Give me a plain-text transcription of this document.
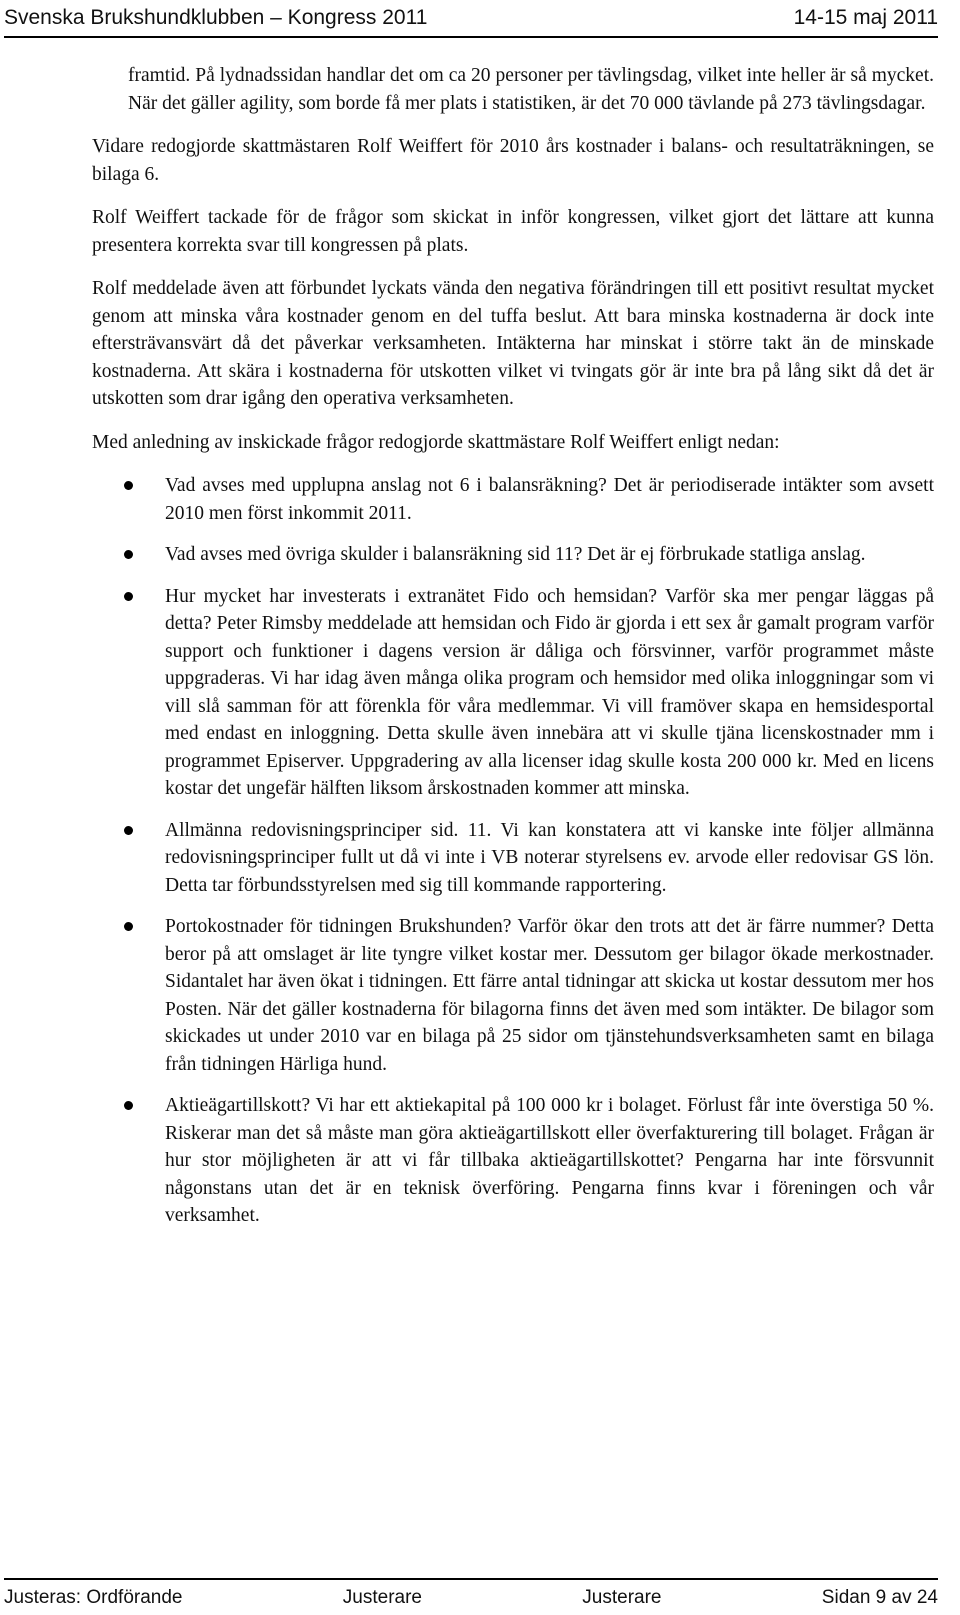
Svenska Brukshundklubben – Kongress 2011	14-15 maj 2011

framtid. På lydnadssidan handlar det om ca 20 personer per tävlingsdag, vilket inte heller är så mycket. När det gäller agility, som borde få mer plats i statistiken, är det 70 000 tävlande på 273 tävlingsdagar.

Vidare redogjorde skattmästaren Rolf Weiffert för 2010 års kostnader i balans- och resultaträkningen, se bilaga 6.

Rolf Weiffert tackade för de frågor som skickat in inför kongressen, vilket gjort det lättare att kunna presentera korrekta svar till kongressen på plats.

Rolf meddelade även att förbundet lyckats vända den negativa förändringen till ett positivt resultat mycket genom att minska våra kostnader genom en del tuffa beslut. Att bara minska kostnaderna är dock inte eftersträvansvärt då det påverkar verksamheten. Intäkterna har minskat i större takt än de minskade kostnaderna. Att skära i kostnaderna för utskotten vilket vi tvingats gör är inte bra på lång sikt då det är utskotten som drar igång den operativa verksamheten.

Med anledning av inskickade frågor redogjorde skattmästare Rolf Weiffert enligt nedan:

Vad avses med upplupna anslag not 6 i balansräkning? Det är periodiserade intäkter som avsett 2010 men först inkommit 2011.
Vad avses med övriga skulder i balansräkning sid 11? Det är ej förbrukade statliga anslag.
Hur mycket har investerats i extranätet Fido och hemsidan? Varför ska mer pengar läggas på detta? Peter Rimsby meddelade att hemsidan och Fido är gjorda i ett sex år gamalt program varför support och funktioner i dagens version är dåliga och försvinner, varför programmet måste uppgraderas. Vi har idag även många olika program och hemsidor med olika inloggningar som vi vill slå samman för att förenkla för våra medlemmar. Vi vill framöver skapa en hemsidesportal med endast en inloggning. Detta skulle även innebära att vi skulle tjäna licenskostnader mm i programmet Episerver. Uppgradering av alla licenser idag skulle kosta 200 000 kr. Med en licens kostar det ungefär hälften liksom årskostnaden kommer att minska.
Allmänna redovisningsprinciper sid. 11. Vi kan konstatera att vi kanske inte följer allmänna redovisningsprinciper fullt ut då vi inte i VB noterar styrelsens ev. arvode eller redovisar GS lön. Detta tar förbundsstyrelsen med sig till kommande rapportering.
Portokostnader för tidningen Brukshunden? Varför ökar den trots att det är färre nummer? Detta beror på att omslaget är lite tyngre vilket kostar mer. Dessutom ger bilagor ökade merkostnader. Sidantalet har även ökat i tidningen. Ett färre antal tidningar att skicka ut kostar dessutom mer hos Posten. När det gäller kostnaderna för bilagorna finns det även med som intäkter. De bilagor som skickades ut under 2010 var en bilaga på 25 sidor om tjänstehundsverksamheten samt en bilaga från tidningen Härliga hund.
Aktieägartillskott? Vi har ett aktiekapital på 100 000 kr i bolaget. Förlust får inte överstiga 50 %. Riskerar man det så måste man göra aktieägartillskott eller överfakturering till bolaget. Frågan är hur stor möjligheten är att vi får tillbaka aktieägartillskottet? Pengarna har inte försvunnit någonstans utan det är en teknisk överföring. Pengarna finns kvar i föreningen och vår verksamhet.
Justeras: Ordförande	Justerare	Justerare	Sidan 9 av 24
